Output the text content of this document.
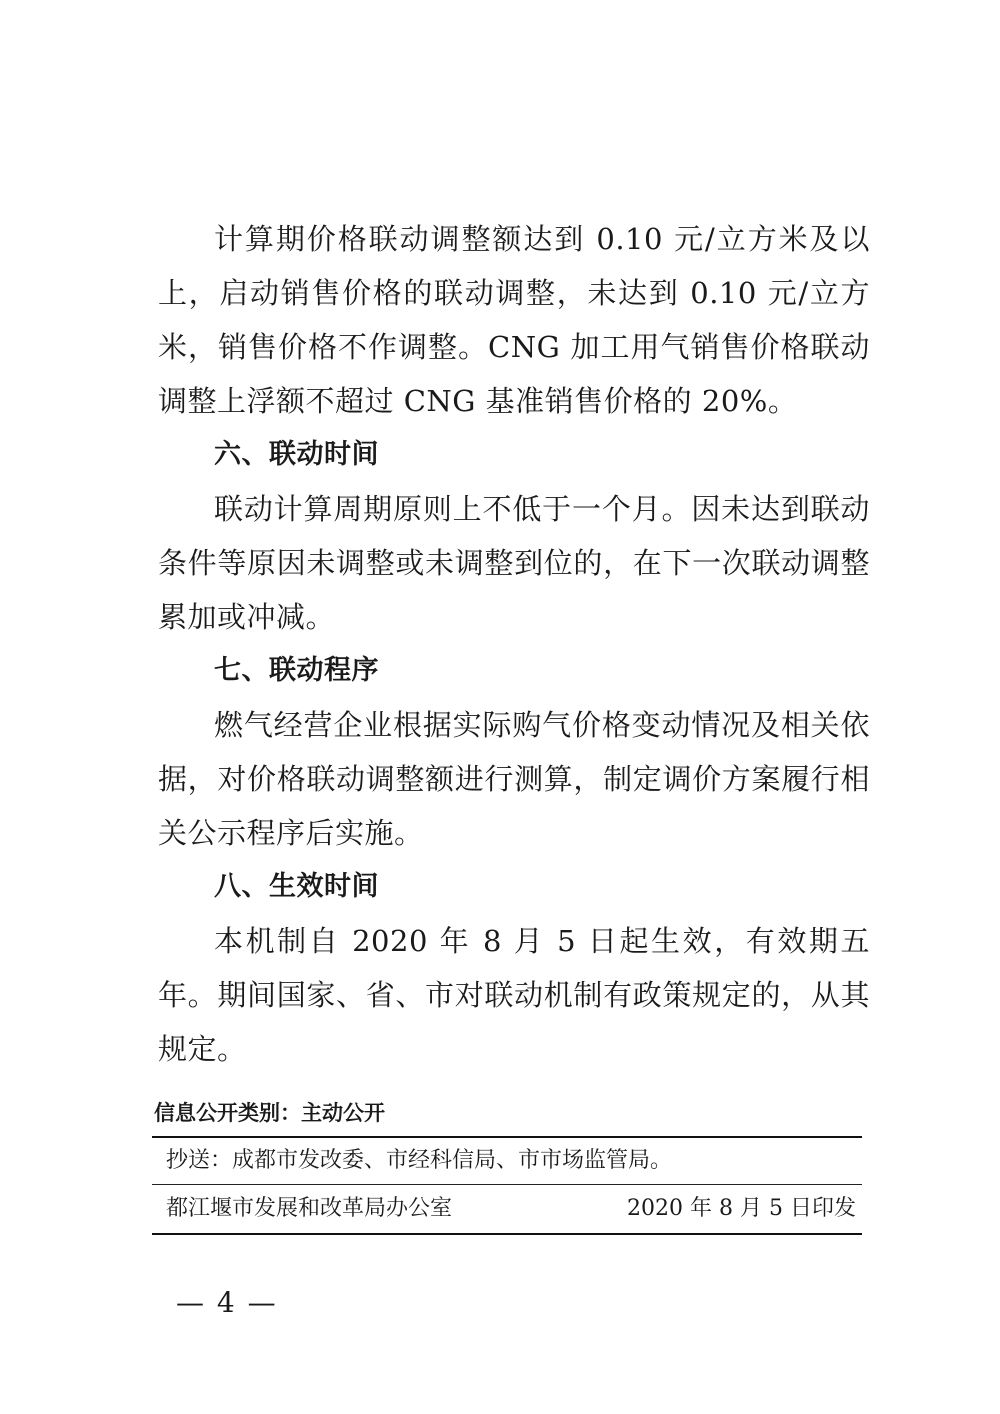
计算期价格联动调整额达到 0.10 元/立方米及以上，启动销售价格的联动调整，未达到 0.10 元/立方米，销售价格不作调整。CNG 加工用气销售价格联动调整上浮额不超过 CNG 基准销售价格的 20%。

六、联动时间

联动计算周期原则上不低于一个月。因未达到联动条件等原因未调整或未调整到位的，在下一次联动调整累加或冲减。

七、联动程序

燃气经营企业根据实际购气价格变动情况及相关依据，对价格联动调整额进行测算，制定调价方案履行相关公示程序后实施。

八、生效时间

本机制自 2020 年 8 月 5 日起生效，有效期五年。期间国家、省、市对联动机制有政策规定的，从其规定。

信息公开类别：主动公开
抄送：成都市发改委、市经科信局、市市场监管局。
都江堰市发展和改革局办公室	2020 年 8 月 5 日印发
— 4 —
